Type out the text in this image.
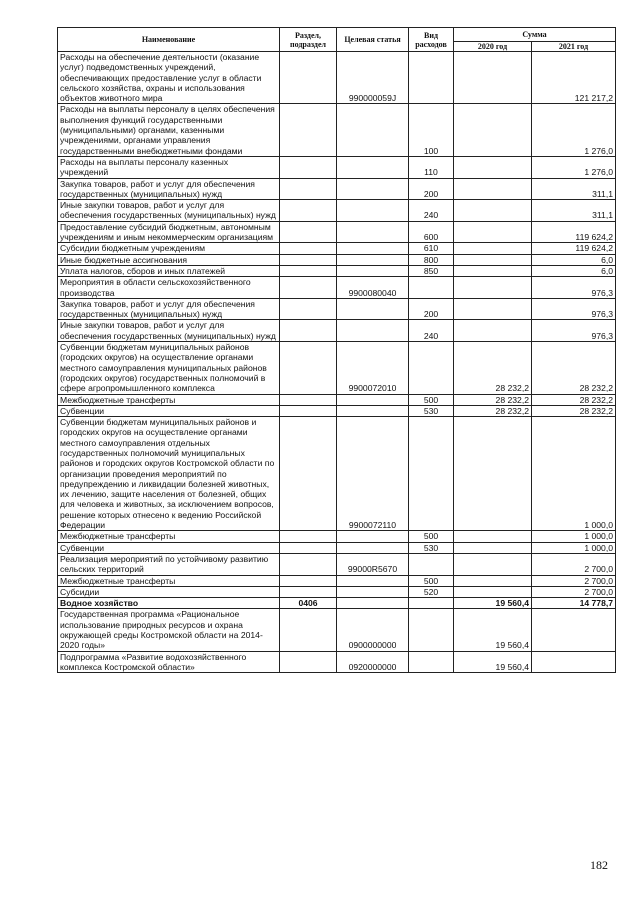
Наименование	Раздел, подраздел	Целевая статья	Вид расходов	Сумма	
				2020 год	2021 год
Расходы на обеспечение деятельности (оказание услуг) подведомственных учреждений, обеспечивающих предоставление услуг в области сельского хозяйства, охраны и использования объектов животного мира		990000059J			121 217,2
Расходы на выплаты персоналу в целях обеспечения выполнения функций государственными (муниципальными) органами, казенными учреждениями, органами управления государственными внебюджетными фондами			100		1 276,0
Расходы на выплаты персоналу казенных учреждений			110		1 276,0
Закупка товаров, работ и услуг для обеспечения государственных (муниципальных) нужд			200		311,1
Иные закупки товаров, работ и услуг для обеспечения государственных (муниципальных) нужд			240		311,1
Предоставление субсидий бюджетным, автономным учреждениям и иным некоммерческим организациям			600		119 624,2
Субсидии бюджетным учреждениям			610		119 624,2
Иные бюджетные ассигнования			800		6,0
Уплата налогов, сборов и иных платежей			850		6,0
Мероприятия в области сельскохозяйственного производства		9900080040			976,3
Закупка товаров, работ и услуг для обеспечения государственных (муниципальных) нужд			200		976,3
Иные закупки товаров, работ и услуг для обеспечения государственных (муниципальных) нужд			240		976,3
Субвенции бюджетам муниципальных районов (городских округов) на осуществление органами местного самоуправления муниципальных районов (городских округов) государственных полномочий в сфере агропромышленного комплекса		9900072010		28 232,2	28 232,2
Межбюджетные трансферты			500	28 232,2	28 232,2
Субвенции			530	28 232,2	28 232,2
Субвенции бюджетам муниципальных районов и городских округов на осуществление органами местного самоуправления отдельных государственных полномочий муниципальных районов и городских округов Костромской области по организации проведения мероприятий по предупреждению и ликвидации болезней животных, их лечению, защите населения от болезней, общих для человека и животных, за исключением вопросов, решение которых отнесено к ведению Российской Федерации		9900072110			1 000,0
Межбюджетные трансферты			500		1 000,0
Субвенции			530		1 000,0
Реализация мероприятий по устойчивому развитию сельских территорий		99000R5670			2 700,0
Межбюджетные трансферты			500		2 700,0
Субсидии			520		2 700,0
Водное хозяйство	0406			19 560,4	14 778,7
Государственная программа «Рациональное использование природных ресурсов и охрана окружающей среды Костромской области на 2014-2020 годы»		0900000000		19 560,4	
Подпрограмма «Развитие водохозяйственного комплекса Костромской области»		0920000000		19 560,4	
182
